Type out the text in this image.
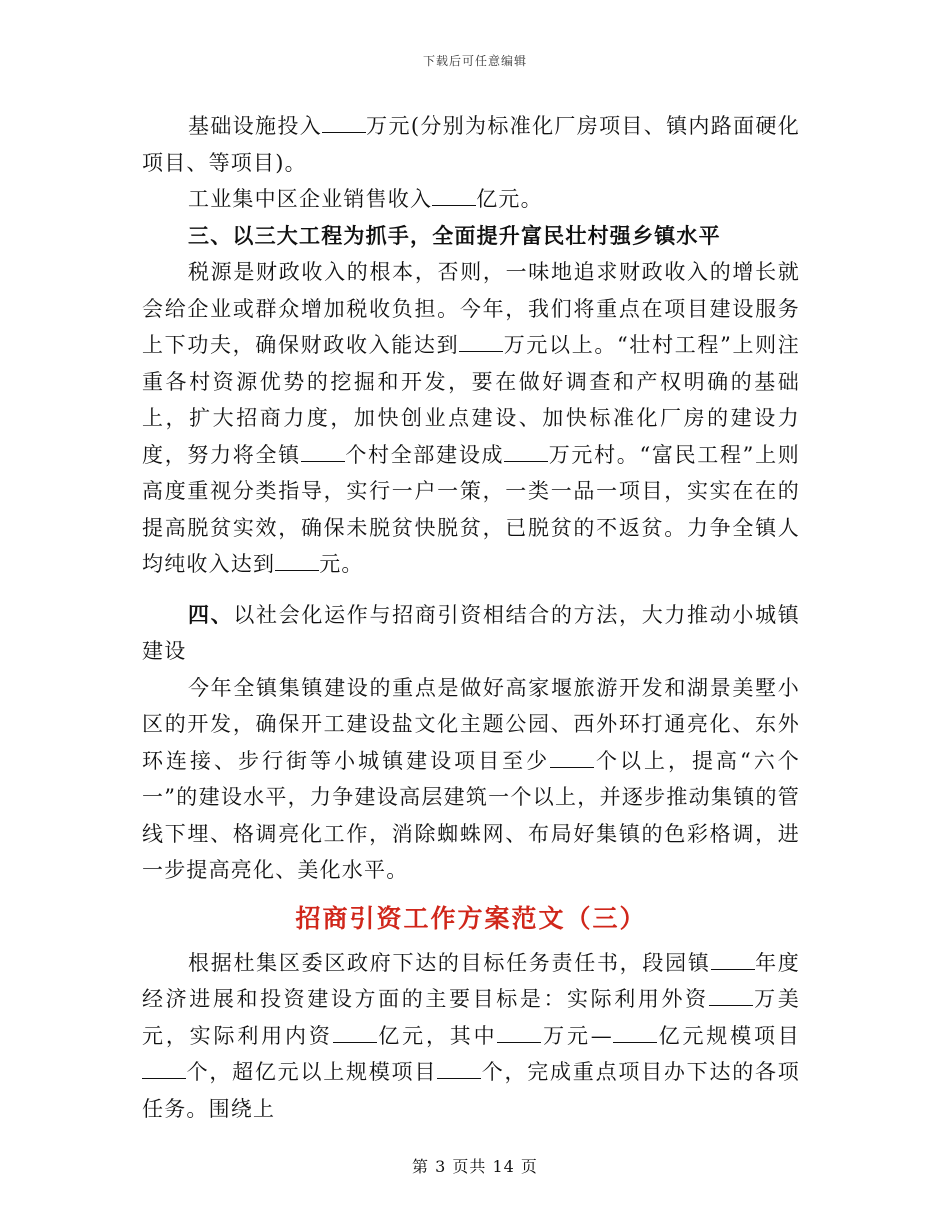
下载后可任意编辑

基础设施投入 万元(分别为标准化厂房项目、镇内路面硬化项目、等项目)。

工业集中区企业销售收入 亿元。

三、以三大工程为抓手，全面提升富民壮村强乡镇水平

税源是财政收入的根本，否则，一味地追求财政收入的增长就会给企业或群众增加税收负担。今年，我们将重点在项目建设服务上下功夫，确保财政收入能达到 万元以上。“壮村工程”上则注重各村资源优势的挖掘和开发，要在做好调查和产权明确的基础上，扩大招商力度，加快创业点建设、加快标准化厂房的建设力度，努力将全镇 个村全部建设成 万元村。“富民工程”上则高度重视分类指导，实行一户一策，一类一品一项目，实实在在的提高脱贫实效，确保未脱贫快脱贫，已脱贫的不返贫。力争全镇人均纯收入达到 元。

四、以社会化运作与招商引资相结合的方法，大力推动小城镇建设

今年全镇集镇建设的重点是做好高家堰旅游开发和湖景美墅小区的开发，确保开工建设盐文化主题公园、西外环打通亮化、东外环连接、步行街等小城镇建设项目至少 个以上，提高“六个一”的建设水平，力争建设高层建筑一个以上，并逐步推动集镇的管线下埋、格调亮化工作，消除蜘蛛网、布局好集镇的色彩格调，进一步提高亮化、美化水平。

招商引资工作方案范文（三）

根据杜集区委区政府下达的目标任务责任书，段园镇 年度经济进展和投资建设方面的主要目标是：实际利用外资 万美元，实际利用内资 亿元，其中 万元— 亿元规模项目个，超亿元以上规模项目 个，完成重点项目办下达的各项任务。围绕上

第 3 页共 14 页
